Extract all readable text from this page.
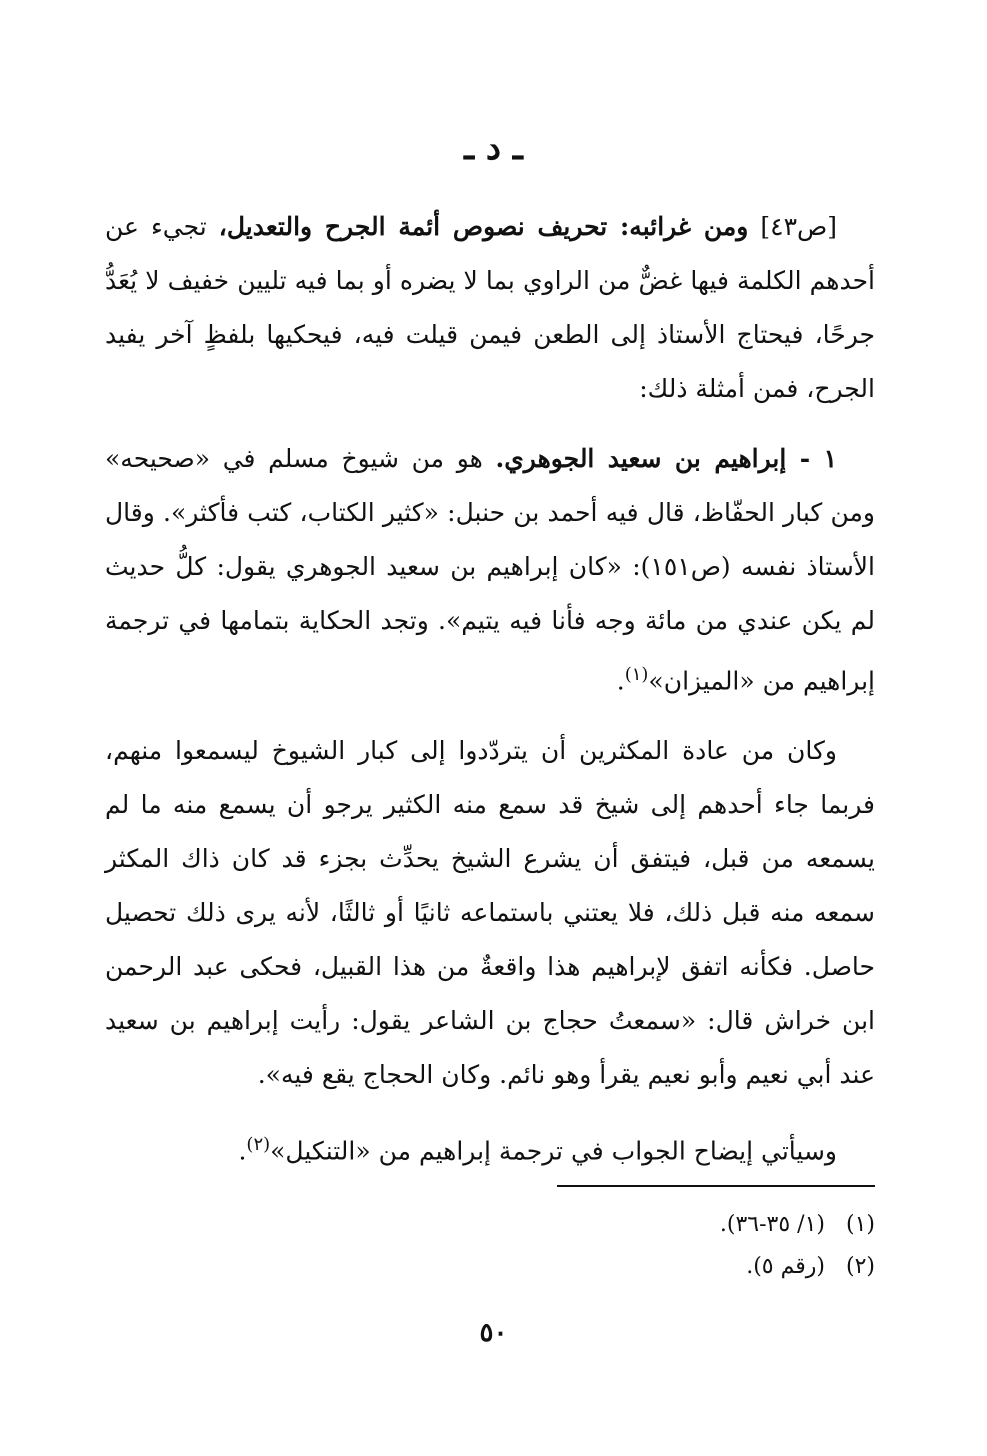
ـ د ـ

[ص٤٣] ومن غرائبه: تحريف نصوص أئمة الجرح والتعديل، تجيء عن أحدهم الكلمة فيها غضٌّ من الراوي بما لا يضره أو بما فيه تليين خفيف لا يُعَدُّ جرحًا، فيحتاج الأستاذ إلى الطعن فيمن قيلت فيه، فيحكيها بلفظٍ آخر يفيد الجرح، فمن أمثلة ذلك:

١ - إبراهيم بن سعيد الجوهري. هو من شيوخ مسلم في «صحيحه» ومن كبار الحفّاظ، قال فيه أحمد بن حنبل: «كثير الكتاب، كتب فأكثر». وقال الأستاذ نفسه (ص١٥١): «كان إبراهيم بن سعيد الجوهري يقول: كلُّ حديث لم يكن عندي من مائة وجه فأنا فيه يتيم». وتجد الحكاية بتمامها في ترجمة إبراهيم من «الميزان»$^{(١)}$.

وكان من عادة المكثرين أن يتردّدوا إلى كبار الشيوخ ليسمعوا منهم، فربما جاء أحدهم إلى شيخ قد سمع منه الكثير يرجو أن يسمع منه ما لم يسمعه من قبل، فيتفق أن يشرع الشيخ يحدِّث بجزء قد كان ذاك المكثر سمعه منه قبل ذلك، فلا يعتني باستماعه ثانيًا أو ثالثًا، لأنه يرى ذلك تحصيل حاصل. فكأنه اتفق لإبراهيم هذا واقعةٌ من هذا القبيل، فحكى عبد الرحمن ابن خراش قال: «سمعتُ حجاج بن الشاعر يقول: رأيت إبراهيم بن سعيد عند أبي نعيم وأبو نعيم يقرأ وهو نائم. وكان الحجاج يقع فيه».

وسيأتي إيضاح الجواب في ترجمة إبراهيم من «التنكيل»$^{(٢)}$.

(١) (١/ ٣٥-٣٦).

(٢) (رقم ٥).

٥٠
